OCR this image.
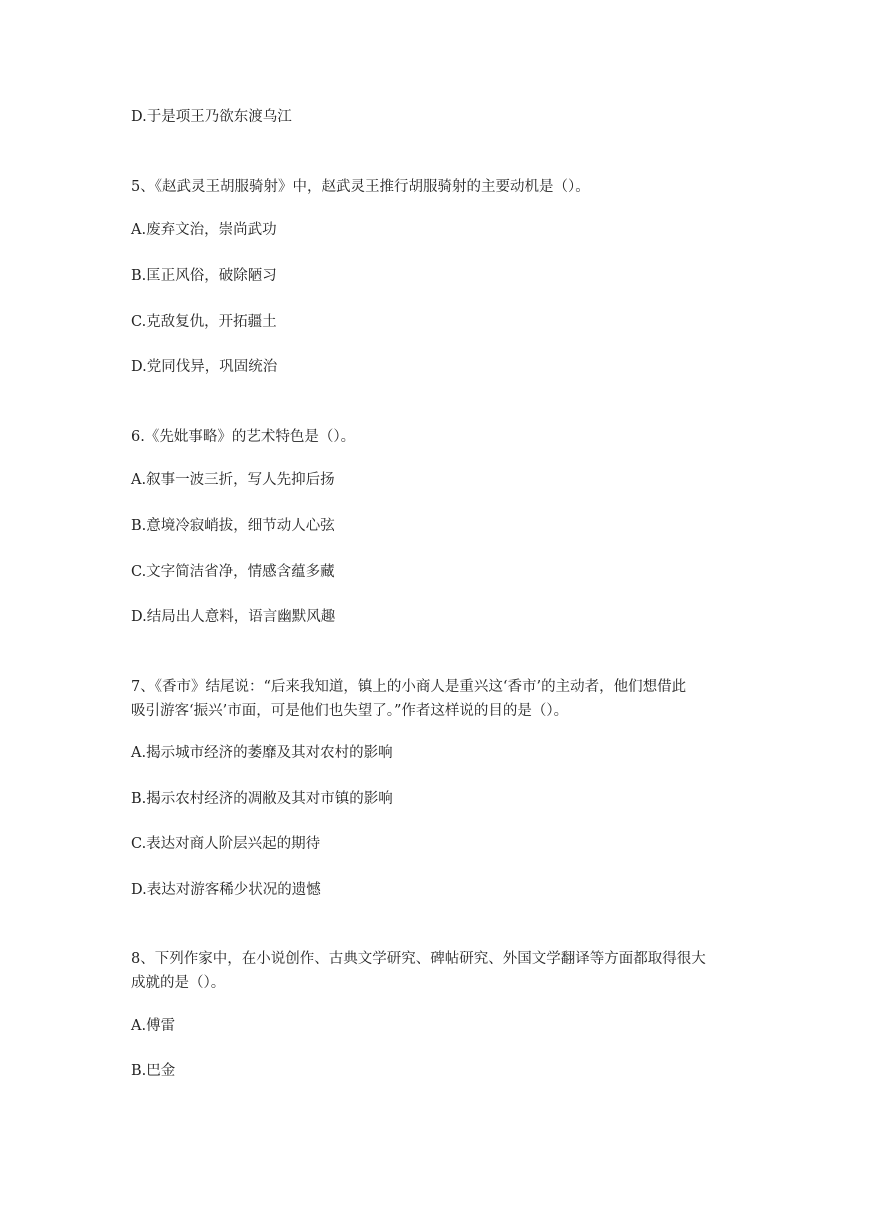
D.于是项王乃欲东渡乌江

5、《赵武灵王胡服骑射》中，赵武灵王推行胡服骑射的主要动机是（）。

A.废弃文治，崇尚武功

B.匡正风俗，破除陋习

C.克敌复仇，开拓疆土

D.党同伐异，巩固统治

6.《先妣事略》的艺术特色是（）。

A.叙事一波三折，写人先抑后扬

B.意境冷寂峭拔，细节动人心弦

C.文字简洁省净，情感含蕴多藏

D.结局出人意料，语言幽默风趣

7、《香市》结尾说：“后来我知道，镇上的小商人是重兴这‘香市’的主动者，他们想借此

吸引游客‘振兴’市面，可是他们也失望了。”作者这样说的目的是（）。

A.揭示城市经济的萎靡及其对农村的影响

B.揭示农村经济的凋敝及其对市镇的影响

C.表达对商人阶层兴起的期待

D.表达对游客稀少状况的遗憾

8、下列作家中，在小说创作、古典文学研究、碑帖研究、外国文学翻译等方面都取得很大

成就的是（）。

A.傅雷

B.巴金
